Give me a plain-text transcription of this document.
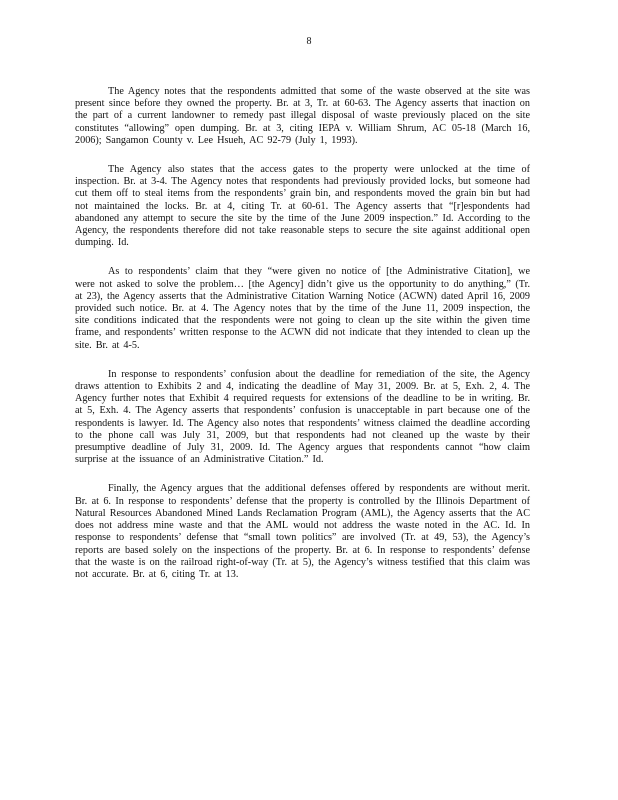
8

The Agency notes that the respondents admitted that some of the waste observed at the site was present since before they owned the property. Br. at 3, Tr. at 60-63. The Agency asserts that inaction on the part of a current landowner to remedy past illegal disposal of waste previously placed on the site constitutes “allowing” open dumping. Br. at 3, citing IEPA v. William Shrum, AC 05-18 (March 16, 2006); Sangamon County v. Lee Hsueh, AC 92-79 (July 1, 1993).

The Agency also states that the access gates to the property were unlocked at the time of inspection. Br. at 3-4. The Agency notes that respondents had previously provided locks, but someone had cut them off to steal items from the respondents’ grain bin, and respondents moved the grain bin but had not maintained the locks. Br. at 4, citing Tr. at 60-61. The Agency asserts that “[r]espondents had abandoned any attempt to secure the site by the time of the June 2009 inspection.” Id. According to the Agency, the respondents therefore did not take reasonable steps to secure the site against additional open dumping. Id.

As to respondents’ claim that they “were given no notice of [the Administrative Citation], we were not asked to solve the problem… [the Agency] didn’t give us the opportunity to do anything,” (Tr. at 23), the Agency asserts that the Administrative Citation Warning Notice (ACWN) dated April 16, 2009 provided such notice. Br. at 4. The Agency notes that by the time of the June 11, 2009 inspection, the site conditions indicated that the respondents were not going to clean up the site within the given time frame, and respondents’ written response to the ACWN did not indicate that they intended to clean up the site. Br. at 4-5.

In response to respondents’ confusion about the deadline for remediation of the site, the Agency draws attention to Exhibits 2 and 4, indicating the deadline of May 31, 2009. Br. at 5, Exh. 2, 4. The Agency further notes that Exhibit 4 required requests for extensions of the deadline to be in writing. Br. at 5, Exh. 4. The Agency asserts that respondents’ confusion is unacceptable in part because one of the respondents is lawyer. Id. The Agency also notes that respondents’ witness claimed the deadline according to the phone call was July 31, 2009, but that respondents had not cleaned up the waste by their presumptive deadline of July 31, 2009. Id. The Agency argues that respondents cannot “how claim surprise at the issuance of an Administrative Citation.” Id.

Finally, the Agency argues that the additional defenses offered by respondents are without merit. Br. at 6. In response to respondents’ defense that the property is controlled by the Illinois Department of Natural Resources Abandoned Mined Lands Reclamation Program (AML), the Agency asserts that the AC does not address mine waste and that the AML would not address the waste noted in the AC. Id. In response to respondents’ defense that “small town politics” are involved (Tr. at 49, 53), the Agency’s reports are based solely on the inspections of the property. Br. at 6. In response to respondents’ defense that the waste is on the railroad right-of-way (Tr. at 5), the Agency’s witness testified that this claim was not accurate. Br. at 6, citing Tr. at 13.
